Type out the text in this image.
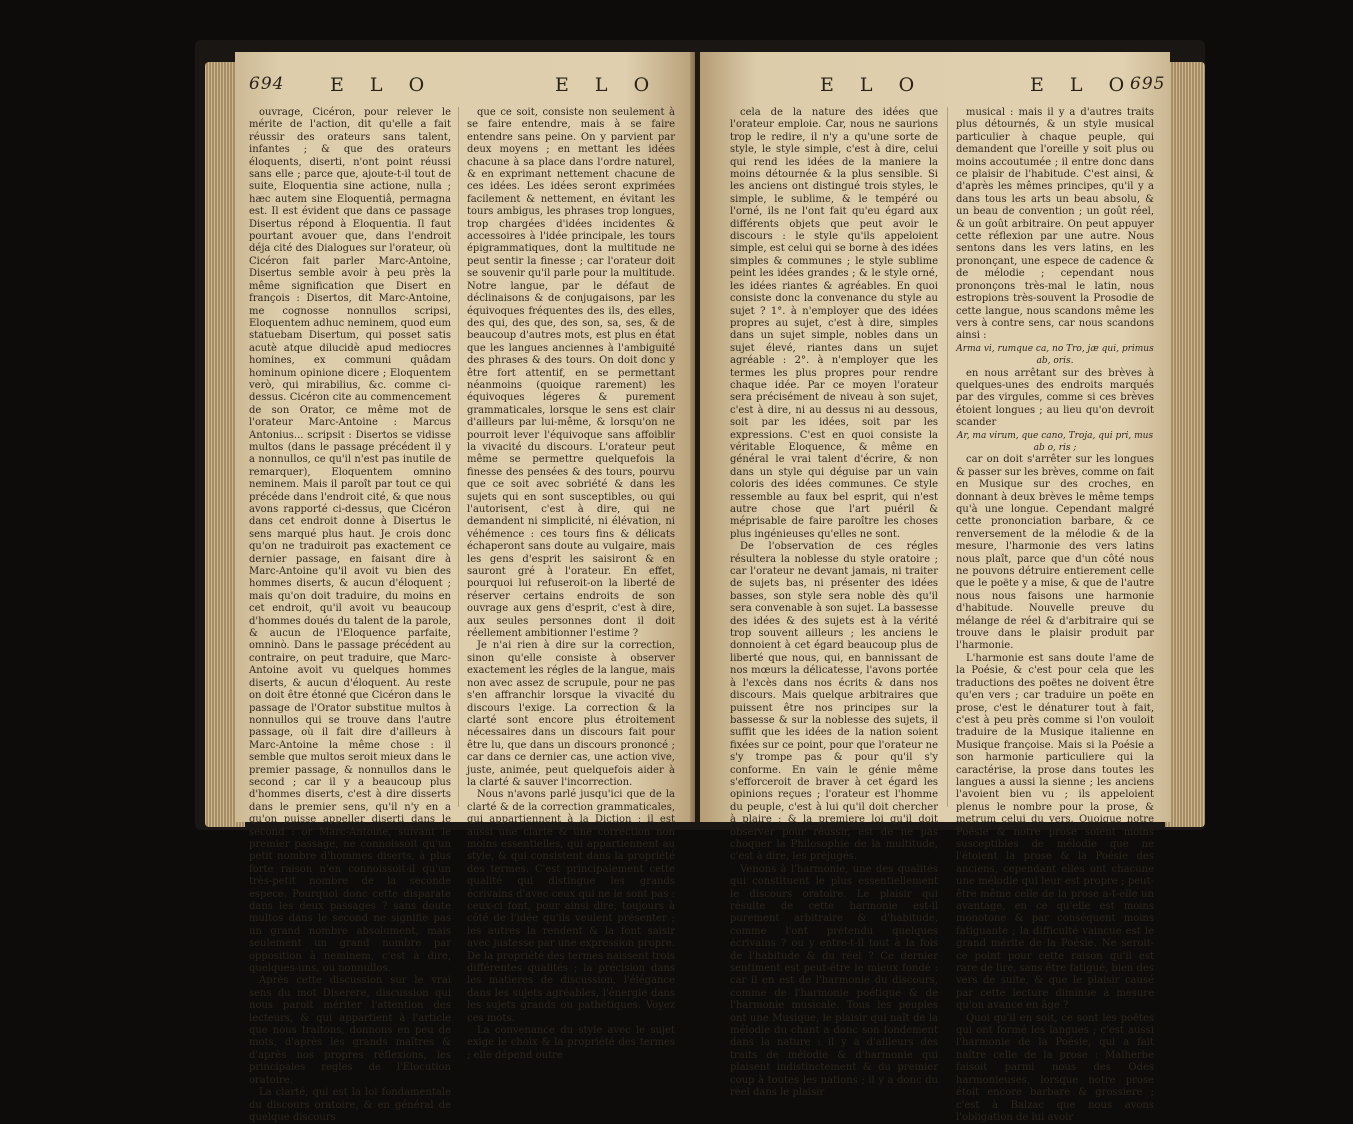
694 E L O	E L O

ouvrage, Cicéron, pour relever le mérite de l'action, dit qu'elle a fait réussir des orateurs sans talent, infantes ; & que des orateurs éloquents, diserti, n'ont point réussi sans elle ; parce que, ajoute-t-il tout de suite, Eloquentia sine actione, nulla ; hæc autem sine Eloquentiâ, permagna est. Il est évident que dans ce passage Disertus répond à Eloquentia. Il faut pourtant avouer que, dans l'endroit déja cité des Dialogues sur l'orateur, où Cicéron fait parler Marc-Antoine, Disertus semble avoir à peu près la même signification que Disert en françois : Disertos, dit Marc-Antoine, me cognosse nonnullos scripsi, Eloquentem adhuc neminem, quod eum statuebam Disertum, qui posset satis acutè atque dilucidè apud mediocres homines, ex communi quâdam hominum opinione dicere ; Eloquentem verò, qui mirabilius, &c. comme ci-dessus. Cicéron cite au commencement de son Orator, ce même mot de l'orateur Marc-Antoine : Marcus Antonius... scripsit : Disertos se vidisse multos (dans le passage précédent il y a nonnullos, ce qu'il n'est pas inutile de remarquer), Eloquentem omnino neminem. Mais il paroît par tout ce qui précéde dans l'endroit cité, & que nous avons rapporté ci-dessus, que Cicéron dans cet endroit donne à Disertus le sens marqué plus haut. Je crois donc qu'on ne traduiroit pas exactement ce dernier passage, en faisant dire à Marc-Antoine qu'il avoit vu bien des hommes diserts, & aucun d'éloquent ; mais qu'on doit traduire, du moins en cet endroit, qu'il avoit vu beaucoup d'hommes doués du talent de la parole, & aucun de l'Eloquence parfaite, omninò. Dans le passage précédent au contraire, on peut traduire, que Marc-Antoine avoit vu quelques hommes diserts, & aucun d'éloquent. Au reste on doit être étonné que Cicéron dans le passage de l'Orator substitue multos à nonnullos qui se trouve dans l'autre passage, où il fait dire d'ailleurs à Marc-Antoine la même chose : il semble que multos seroit mieux dans le premier passage, & nonnullos dans le second ; car il y a beaucoup plus d'hommes diserts, c'est à dire disserts dans le premier sens, qu'il n'y en a qu'on puisse appeller diserti dans le second : or Marc-Antoine, suivant le premier passage, ne connoissoit qu'un petit nombre d'hommes diserts, à plus forte raison n'en connoissoit-il qu'un très-petit nombre de la seconde espece. Pourquoi donc cette disparate dans les deux passages ? sans doute multos dans le second ne signifie pas un grand nombre absolument, mais seulement un grand nombre par opposition à neminem, c'est à dire, quelques-uns, ou nonnullos.

Après cette discussion sur le vrai sens du mot Diserere, discussion qui nous paroit mériter l'attention des lecteurs, & qui appartient à l'article que nous traitons, donnons en peu de mots, d'après les grands maîtres & d'après nos propres réflexions, les principales regles de l'Elocution oratoire.

La clarté, qui est la loi fondamentale du discours oratoire, & en général de quelque discours

que ce soit, consiste non seulement à se faire entendre, mais à se faire entendre sans peine. On y parvient par deux moyens ; en mettant les idées chacune à sa place dans l'ordre naturel, & en exprimant nettement chacune de ces idées. Les idées seront exprimées facilement & nettement, en évitant les tours ambigus, les phrases trop longues, trop chargées d'idées incidentes & accessoires à l'idée principale, les tours épigrammatiques, dont la multitude ne peut sentir la finesse ; car l'orateur doit se souvenir qu'il parle pour la multitude. Notre langue, par le défaut de déclinaisons & de conjugaisons, par les équivoques fréquentes des ils, des elles, des qui, des que, des son, sa, ses, & de beaucoup d'autres mots, est plus en état que les langues anciennes à l'ambiguité des phrases & des tours. On doit donc y être fort attentif, en se permettant néanmoins (quoique rarement) les équivoques légeres & purement grammaticales, lorsque le sens est clair d'ailleurs par lui-même, & lorsqu'on ne pourroit lever l'équivoque sans affoiblir la vivacité du discours. L'orateur peut même se permettre quelquefois la finesse des pensées & des tours, pourvu que ce soit avec sobriété & dans les sujets qui en sont susceptibles, ou qui l'autorisent, c'est à dire, qui ne demandent ni simplicité, ni élévation, ni véhémence : ces tours fins & délicats échaperont sans doute au vulgaire, mais les gens d'esprit les saisiront & en sauront gré à l'orateur. En effet, pourquoi lui refuseroit-on la liberté de réserver certains endroits de son ouvrage aux gens d'esprit, c'est à dire, aux seules personnes dont il doit réellement ambitionner l'estime ?

Je n'ai rien à dire sur la correction, sinon qu'elle consiste à observer exactement les régles de la langue, mais non avec assez de scrupule, pour ne pas s'en affranchir lorsque la vivacité du discours l'exige. La correction & la clarté sont encore plus étroitement nécessaires dans un discours fait pour être lu, que dans un discours prononcé ; car dans ce dernier cas, une action vive, juste, animée, peut quelquefois aider à la clarté & sauver l'incorrection.

Nous n'avons parlé jusqu'ici que de la clarté & de la correction grammaticales, qui appartiennent à la Diction ; il est aussi une clarté & une correction non moins essentielles, qui appartiennent au style, & qui consistent dans la propriété des termes. C'est principalement cette qualité qui distingue les grands écrivains d'avec ceux qui ne le sont pas : ceux-ci font, pour ainsi dire, toujours à côté de l'idée qu'ils veulent présenter ; les autres la rendent & la font saisir avec justesse par une expression propre. De la propriété des termes naissent trois différentes qualités ; la précision dans les matieres de discussion, l'élégance dans les sujets agréables, l'énergie dans les sujets grands ou pathétiques. Voyez ces mots.

La convenance du style avec le sujet exige le choix & la propriété des termes ; elle dépend outre

E L O	E L O
695

cela de la nature des idées que l'orateur emploie. Car, nous ne saurions trop le redire, il n'y a qu'une sorte de style, le style simple, c'est à dire, celui qui rend les idées de la maniere la moins détournée & la plus sensible. Si les anciens ont distingué trois styles, le simple, le sublime, & le tempéré ou l'orné, ils ne l'ont fait qu'eu égard aux différents objets que peut avoir le discours : le style qu'ils appeloient simple, est celui qui se borne à des idées simples & communes ; le style sublime peint les idées grandes ; & le style orné, les idées riantes & agréables. En quoi consiste donc la convenance du style au sujet ? 1°. à n'employer que des idées propres au sujet, c'est à dire, simples dans un sujet simple, nobles dans un sujet élevé, riantes dans un sujet agréable : 2°. à n'employer que les termes les plus propres pour rendre chaque idée. Par ce moyen l'orateur sera précisément de niveau à son sujet, c'est à dire, ni au dessus ni au dessous, soit par les idées, soit par les expressions. C'est en quoi consiste la véritable Eloquence, & même en général le vrai talent d'écrire, & non dans un style qui déguise par un vain coloris des idées communes. Ce style ressemble au faux bel esprit, qui n'est autre chose que l'art puéril & méprisable de faire paroître les choses plus ingénieuses qu'elles ne sont.

De l'observation de ces régles résultera la noblesse du style oratoire ; car l'orateur ne devant jamais, ni traiter de sujets bas, ni présenter des idées basses, son style sera noble dès qu'il sera convenable à son sujet. La bassesse des idées & des sujets est à la vérité trop souvent ailleurs ; les anciens le donnoient à cet égard beaucoup plus de liberté que nous, qui, en bannissant de nos mœurs la délicatesse, l'avons portée à l'excès dans nos écrits & dans nos discours. Mais quelque arbitraires que puissent être nos principes sur la bassesse & sur la noblesse des sujets, il suffit que les idées de la nation soient fixées sur ce point, pour que l'orateur ne s'y trompe pas & pour qu'il s'y conforme. En vain le génie même s'efforceroit de braver à cet égard les opinions reçues ; l'orateur est l'homme du peuple, c'est à lui qu'il doit chercher à plaire ; & la premiere loi qu'il doit observer pour réussir, est de ne pas choquer la Philosophie de la multitude, c'est à dire, les préjugés.

Venons à l'harmonie, une des qualités qui constituent le plus essentiellement le discours oratoire. Le plaisir qui résulte de cette harmonie est-il purement arbitraire & d'habitude, comme l'ont prétendu quelques écrivains ? ou y entre-t-il tout à la fois de l'habitude & du réel ? Ce dernier sentiment est peut-être le mieux fondé : car il en est de l'harmonie du discours, comme de l'harmonie poétique & de l'harmonie musicale. Tous les peuples ont une Musique, le plaisir qui naît de la mélodie du chant a donc son fondement dans la nature : il y a d'ailleurs des traits de mélodie & d'harmonie qui plaisent indistinctement & du premier coup à toutes les nations ; il y a donc du réel dans le plaisir

musical : mais il y a d'autres traits plus détournés, & un style musical particulier à chaque peuple, qui demandent que l'oreille y soit plus ou moins accoutumée ; il entre donc dans ce plaisir de l'habitude. C'est ainsi, & d'après les mêmes principes, qu'il y a dans tous les arts un beau absolu, & un beau de convention ; un goût réel, & un goût arbitraire. On peut appuyer cette réflexion par une autre. Nous sentons dans les vers latins, en les prononçant, une espece de cadence & de mélodie ; cependant nous prononçons très-mal le latin, nous estropions très-souvent la Prosodie de cette langue, nous scandons même les vers à contre sens, car nous scandons ainsi :

Arma vi, rumque ca, no Tro, jæ qui, primus ab, oris.

en nous arrêtant sur des brèves à quelques-unes des endroits marqués par des virgules, comme si ces brèves étoient longues ; au lieu qu'on devroit scander

Ar, ma virum, que cano, Troja, qui pri, mus ab o, ris ;

car on doit s'arrêter sur les longues & passer sur les brèves, comme on fait en Musique sur des croches, en donnant à deux brèves le même temps qu'à une longue. Cependant malgré cette prononciation barbare, & ce renversement de la mélodie & de la mesure, l'harmonie des vers latins nous plaît, parce que d'un côté nous ne pouvons détruire entierement celle que le poëte y a mise, & que de l'autre nous nous faisons une harmonie d'habitude. Nouvelle preuve du mélange de réel & d'arbitraire qui se trouve dans le plaisir produit par l'harmonie.

L'harmonie est sans doute l'ame de la Poésie, & c'est pour cela que les traductions des poëtes ne doivent être qu'en vers ; car traduire un poëte en prose, c'est le dénaturer tout à fait, c'est à peu près comme si l'on vouloit traduire de la Musique italienne en Musique françoise. Mais si la Poésie a son harmonie particuliere qui la caractérise, la prose dans toutes les langues a aussi la sienne ; les anciens l'avoient bien vu ; ils appeloient plenus le nombre pour la prose, & metrum celui du vers. Quoique notre Poésie & notre prose soient moins susceptibles de mélodie que ne l'étoient la prose & la Poésie des anciens, cependant elles ont chacune une mélodie qui leur est propre ; peut-être même celle de la prose a-t-elle un avantage, en ce qu'elle est moins monotone & par conséquent moins fatiguante ; la difficulté vaincue est le grand mérite de la Poésie. Ne seroit-ce point pour cette raison qu'il est rare de lire, sans être fatigué, bien des vers de suite, & que le plaisir causé par cette lecture diminue à mesure qu'on avance en âge ?

Quoi qu'il en soit, ce sont les poëtes qui ont formé les langues ; c'est aussi l'harmonie de la Poésie, qui a fait naître celle de la prose : Malherbe faisoit parmi nous des Odes harmonieuses, lorsque notre prose étoit encore barbare & grossiere ; c'est à Balzac que nous avons l'obligation de lui avoir
